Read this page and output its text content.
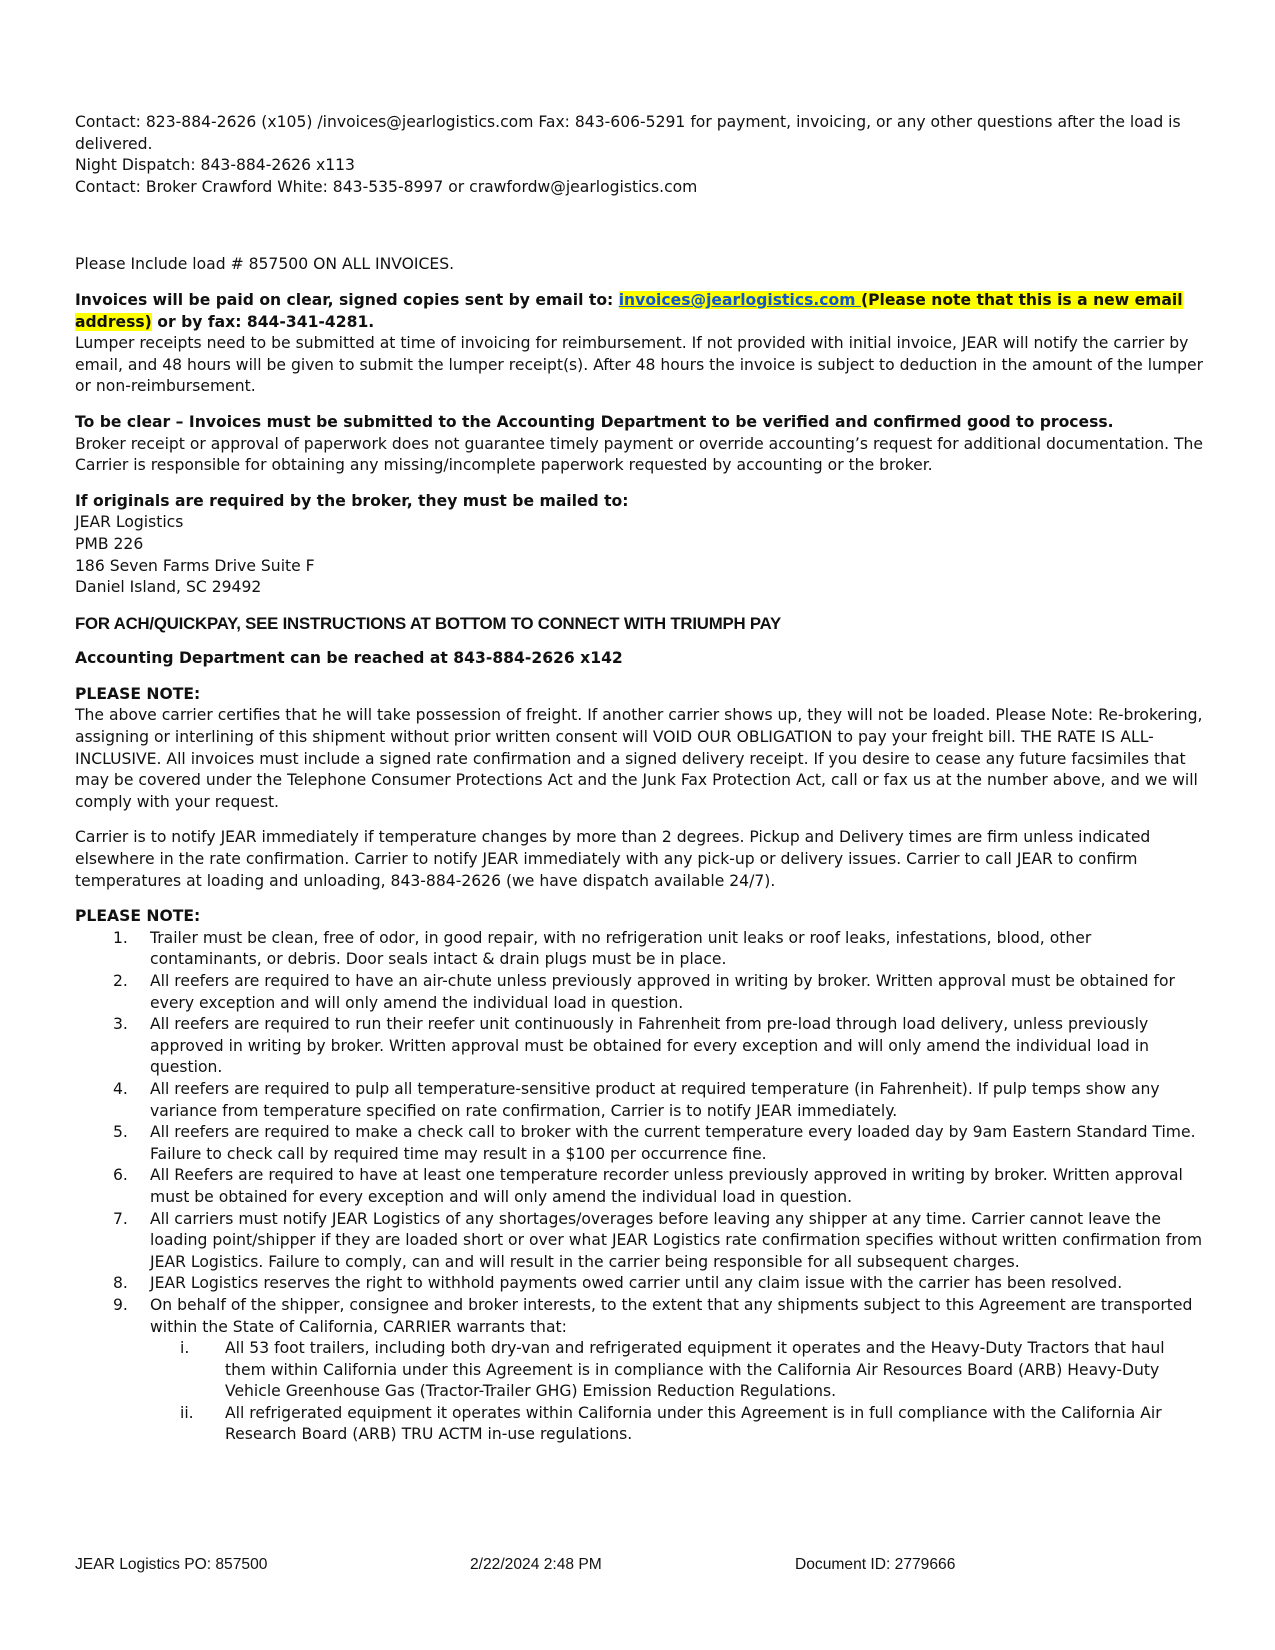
Contact: 823-884-2626 (x105) /invoices@jearlogistics.com Fax: 843-606-5291 for payment, invoicing, or any other questions after the load is delivered.

Night Dispatch: 843-884-2626 x113

Contact: Broker Crawford White: 843-535-8997 or crawfordw@jearlogistics.com

Please Include load # 857500 ON ALL INVOICES.

Invoices will be paid on clear, signed copies sent by email to: invoices@jearlogistics.com (Please note that this is a new email address) or by fax: 844-341-4281.

Lumper receipts need to be submitted at time of invoicing for reimbursement. If not provided with initial invoice, JEAR will notify the carrier by email, and 48 hours will be given to submit the lumper receipt(s). After 48 hours the invoice is subject to deduction in the amount of the lumper or non-reimbursement.

To be clear – Invoices must be submitted to the Accounting Department to be verified and confirmed good to process.

Broker receipt or approval of paperwork does not guarantee timely payment or override accounting’s request for additional documentation. The Carrier is responsible for obtaining any missing/incomplete paperwork requested by accounting or the broker.

If originals are required by the broker, they must be mailed to:

JEAR Logistics

PMB 226

186 Seven Farms Drive Suite F

Daniel Island, SC 29492

FOR ACH/QUICKPAY, SEE INSTRUCTIONS AT BOTTOM TO CONNECT WITH TRIUMPH PAY

Accounting Department can be reached at 843-884-2626 x142

PLEASE NOTE:

The above carrier certifies that he will take possession of freight. If another carrier shows up, they will not be loaded. Please Note: Re-brokering, assigning or interlining of this shipment without prior written consent will VOID OUR OBLIGATION to pay your freight bill. THE RATE IS ALL-INCLUSIVE. All invoices must include a signed rate confirmation and a signed delivery receipt. If you desire to cease any future facsimiles that may be covered under the Telephone Consumer Protections Act and the Junk Fax Protection Act, call or fax us at the number above, and we will comply with your request.

Carrier is to notify JEAR immediately if temperature changes by more than 2 degrees. Pickup and Delivery times are firm unless indicated elsewhere in the rate confirmation. Carrier to notify JEAR immediately with any pick-up or delivery issues. Carrier to call JEAR to confirm temperatures at loading and unloading, 843-884-2626 (we have dispatch available 24/7).

PLEASE NOTE:

1.	Trailer must be clean, free of odor, in good repair, with no refrigeration unit leaks or roof leaks, infestations, blood, other contaminants, or debris. Door seals intact & drain plugs must be in place.
2.	All reefers are required to have an air-chute unless previously approved in writing by broker. Written approval must be obtained for every exception and will only amend the individual load in question.
3.	All reefers are required to run their reefer unit continuously in Fahrenheit from pre-load through load delivery, unless previously approved in writing by broker. Written approval must be obtained for every exception and will only amend the individual load in question.
4.	All reefers are required to pulp all temperature-sensitive product at required temperature (in Fahrenheit). If pulp temps show any variance from temperature specified on rate confirmation, Carrier is to notify JEAR immediately.
5.	All reefers are required to make a check call to broker with the current temperature every loaded day by 9am Eastern Standard Time. Failure to check call by required time may result in a $100 per occurrence fine.
6.	All Reefers are required to have at least one temperature recorder unless previously approved in writing by broker. Written approval must be obtained for every exception and will only amend the individual load in question.
7.	All carriers must notify JEAR Logistics of any shortages/overages before leaving any shipper at any time. Carrier cannot leave the loading point/shipper if they are loaded short or over what JEAR Logistics rate confirmation specifies without written confirmation from JEAR Logistics. Failure to comply, can and will result in the carrier being responsible for all subsequent charges.
8.	JEAR Logistics reserves the right to withhold payments owed carrier until any claim issue with the carrier has been resolved.
9.	On behalf of the shipper, consignee and broker interests, to the extent that any shipments subject to this Agreement are transported within the State of California, CARRIER warrants that:
i.	All 53 foot trailers, including both dry-van and refrigerated equipment it operates and the Heavy-Duty Tractors that haul them within California under this Agreement is in compliance with the California Air Resources Board (ARB) Heavy-Duty Vehicle Greenhouse Gas (Tractor-Trailer GHG) Emission Reduction Regulations.
ii.	All refrigerated equipment it operates within California under this Agreement is in full compliance with the California Air Research Board (ARB) TRU ACTM in-use regulations.
JEAR Logistics PO: 857500	2/22/2024 2:48 PM	Document ID: 2779666
